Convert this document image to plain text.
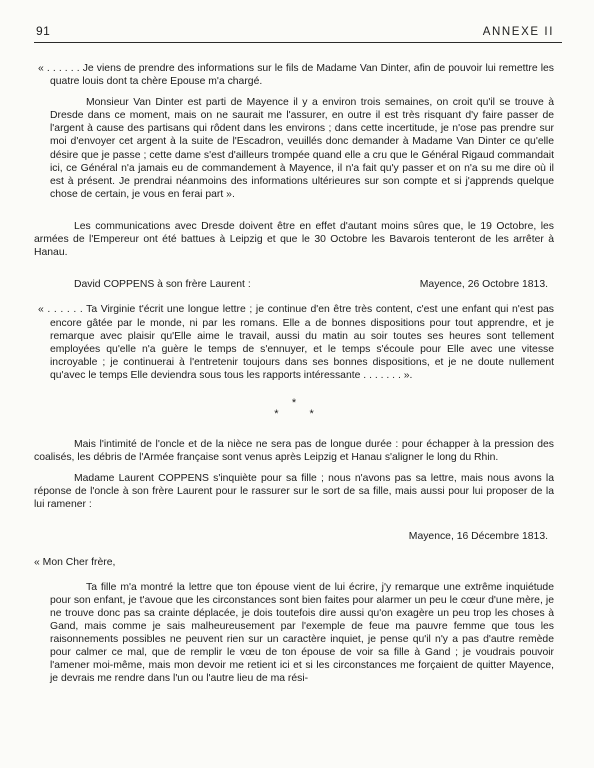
91	ANNEXE II

« . . . . . . Je viens de prendre des informations sur le fils de Madame Van Dinter, afin de pouvoir lui remettre les quatre louis dont ta chère Epouse m'a chargé.

Monsieur Van Dinter est parti de Mayence il y a environ trois semaines, on croit qu'il se trouve à Dresde dans ce moment, mais on ne saurait me l'assurer, en outre il est très risquant d'y faire passer de l'argent à cause des partisans qui rôdent dans les environs ; dans cette incertitude, je n'ose pas prendre sur moi d'envoyer cet argent à la suite de l'Escadron, veuillés donc demander à Madame Van Dinter ce qu'elle désire que je passe ; cette dame s'est d'ailleurs trompée quand elle a cru que le Général Rigaud commandait ici, ce Général n'a jamais eu de commandement à Mayence, il n'a fait qu'y passer et on n'a su me dire où il est à présent. Je prendrai néanmoins des informations ultérieures sur son compte et si j'apprends quelque chose de certain, je vous en ferai part ».

Les communications avec Dresde doivent être en effet d'autant moins sûres que, le 19 Octobre, les armées de l'Empereur ont été battues à Leipzig et que le 30 Octobre les Bavarois tenteront de les arrêter à Hanau.

Mayence, 26 Octobre 1813.

David COPPENS à son frère Laurent :

« . . . . . . Ta Virginie t'écrit une longue lettre ; je continue d'en être très content, c'est une enfant qui n'est pas encore gâtée par le monde, ni par les romans. Elle a de bonnes dispositions pour tout apprendre, et je remarque avec plaisir qu'Elle aime le travail, aussi du matin au soir toutes ses heures sont tellement employées qu'elle n'a guère le temps de s'ennuyer, et le temps s'écoule pour Elle avec une vitesse incroyable ; je continuerai à l'entretenir toujours dans ses bonnes dispositions, et je ne doute nullement qu'avec le temps Elle deviendra sous tous les rapports intéressante . . . . . . . ».

*
* *

Mais l'intimité de l'oncle et de la nièce ne sera pas de longue durée : pour échapper à la pression des coalisés, les débris de l'Armée française sont venus après Leipzig et Hanau s'aligner le long du Rhin.

Madame Laurent COPPENS s'inquiète pour sa fille ; nous n'avons pas sa lettre, mais nous avons la réponse de l'oncle à son frère Laurent pour le rassurer sur le sort de sa fille, mais aussi pour lui proposer de la lui ramener :

Mayence, 16 Décembre 1813.

« Mon Cher frère,

Ta fille m'a montré la lettre que ton épouse vient de lui écrire, j'y remarque une extrême inquiétude pour son enfant, je t'avoue que les circonstances sont bien faites pour alarmer un peu le cœur d'une mère, je ne trouve donc pas sa crainte déplacée, je dois toutefois dire aussi qu'on exagère un peu trop les choses à Gand, mais comme je sais malheureusement par l'exemple de feue ma pauvre femme que tous les raisonnements possibles ne peuvent rien sur un caractère inquiet, je pense qu'il n'y a pas d'autre remède pour calmer ce mal, que de remplir le vœu de ton épouse de voir sa fille à Gand ; je voudrais pouvoir l'amener moi-même, mais mon devoir me retient ici et si les circonstances me forçaient de quitter Mayence, je devrais me rendre dans l'un ou l'autre lieu de ma rési-
